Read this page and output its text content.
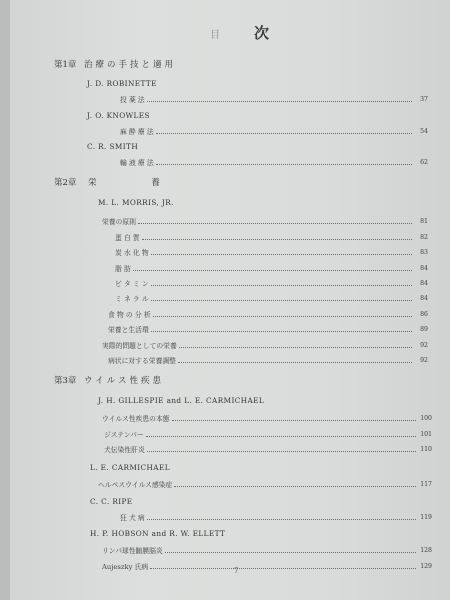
目 次
第1章 治療の手技と適用
J. D. ROBINETTE
投 薬 法	37
J. O. KNOWLES
麻 酔 療 法	54
C. R. SMITH
輸 液 療 法	62
第2章	栄 養
M. L. MORRIS, JR.
栄養の原則	81
蛋 白 質	82
炭 水 化 物	83
脂 肪	84
ビ タ ミ ン	84
ミ ネ ラ ル	84
食 物 の 分 析	86
栄養と生活環	89
実際的問題としての栄養	92
病状に対する栄養調整	92
第3章 ウイルス性疾患
J. H. GILLESPIE and L. E. CARMICHAEL
ウイルス性疾患の本態	100
ジステンパー	101
犬伝染性肝炎	110
L. E. CARMICHAEL
ヘルペスウイルス感染症	117
C. C. RIPE
狂 犬 病	119
H. P. HOBSON and R. W. ELLETT
リンパ球性髄膜脳炎	128
Aujeszky 氏病	129
7
